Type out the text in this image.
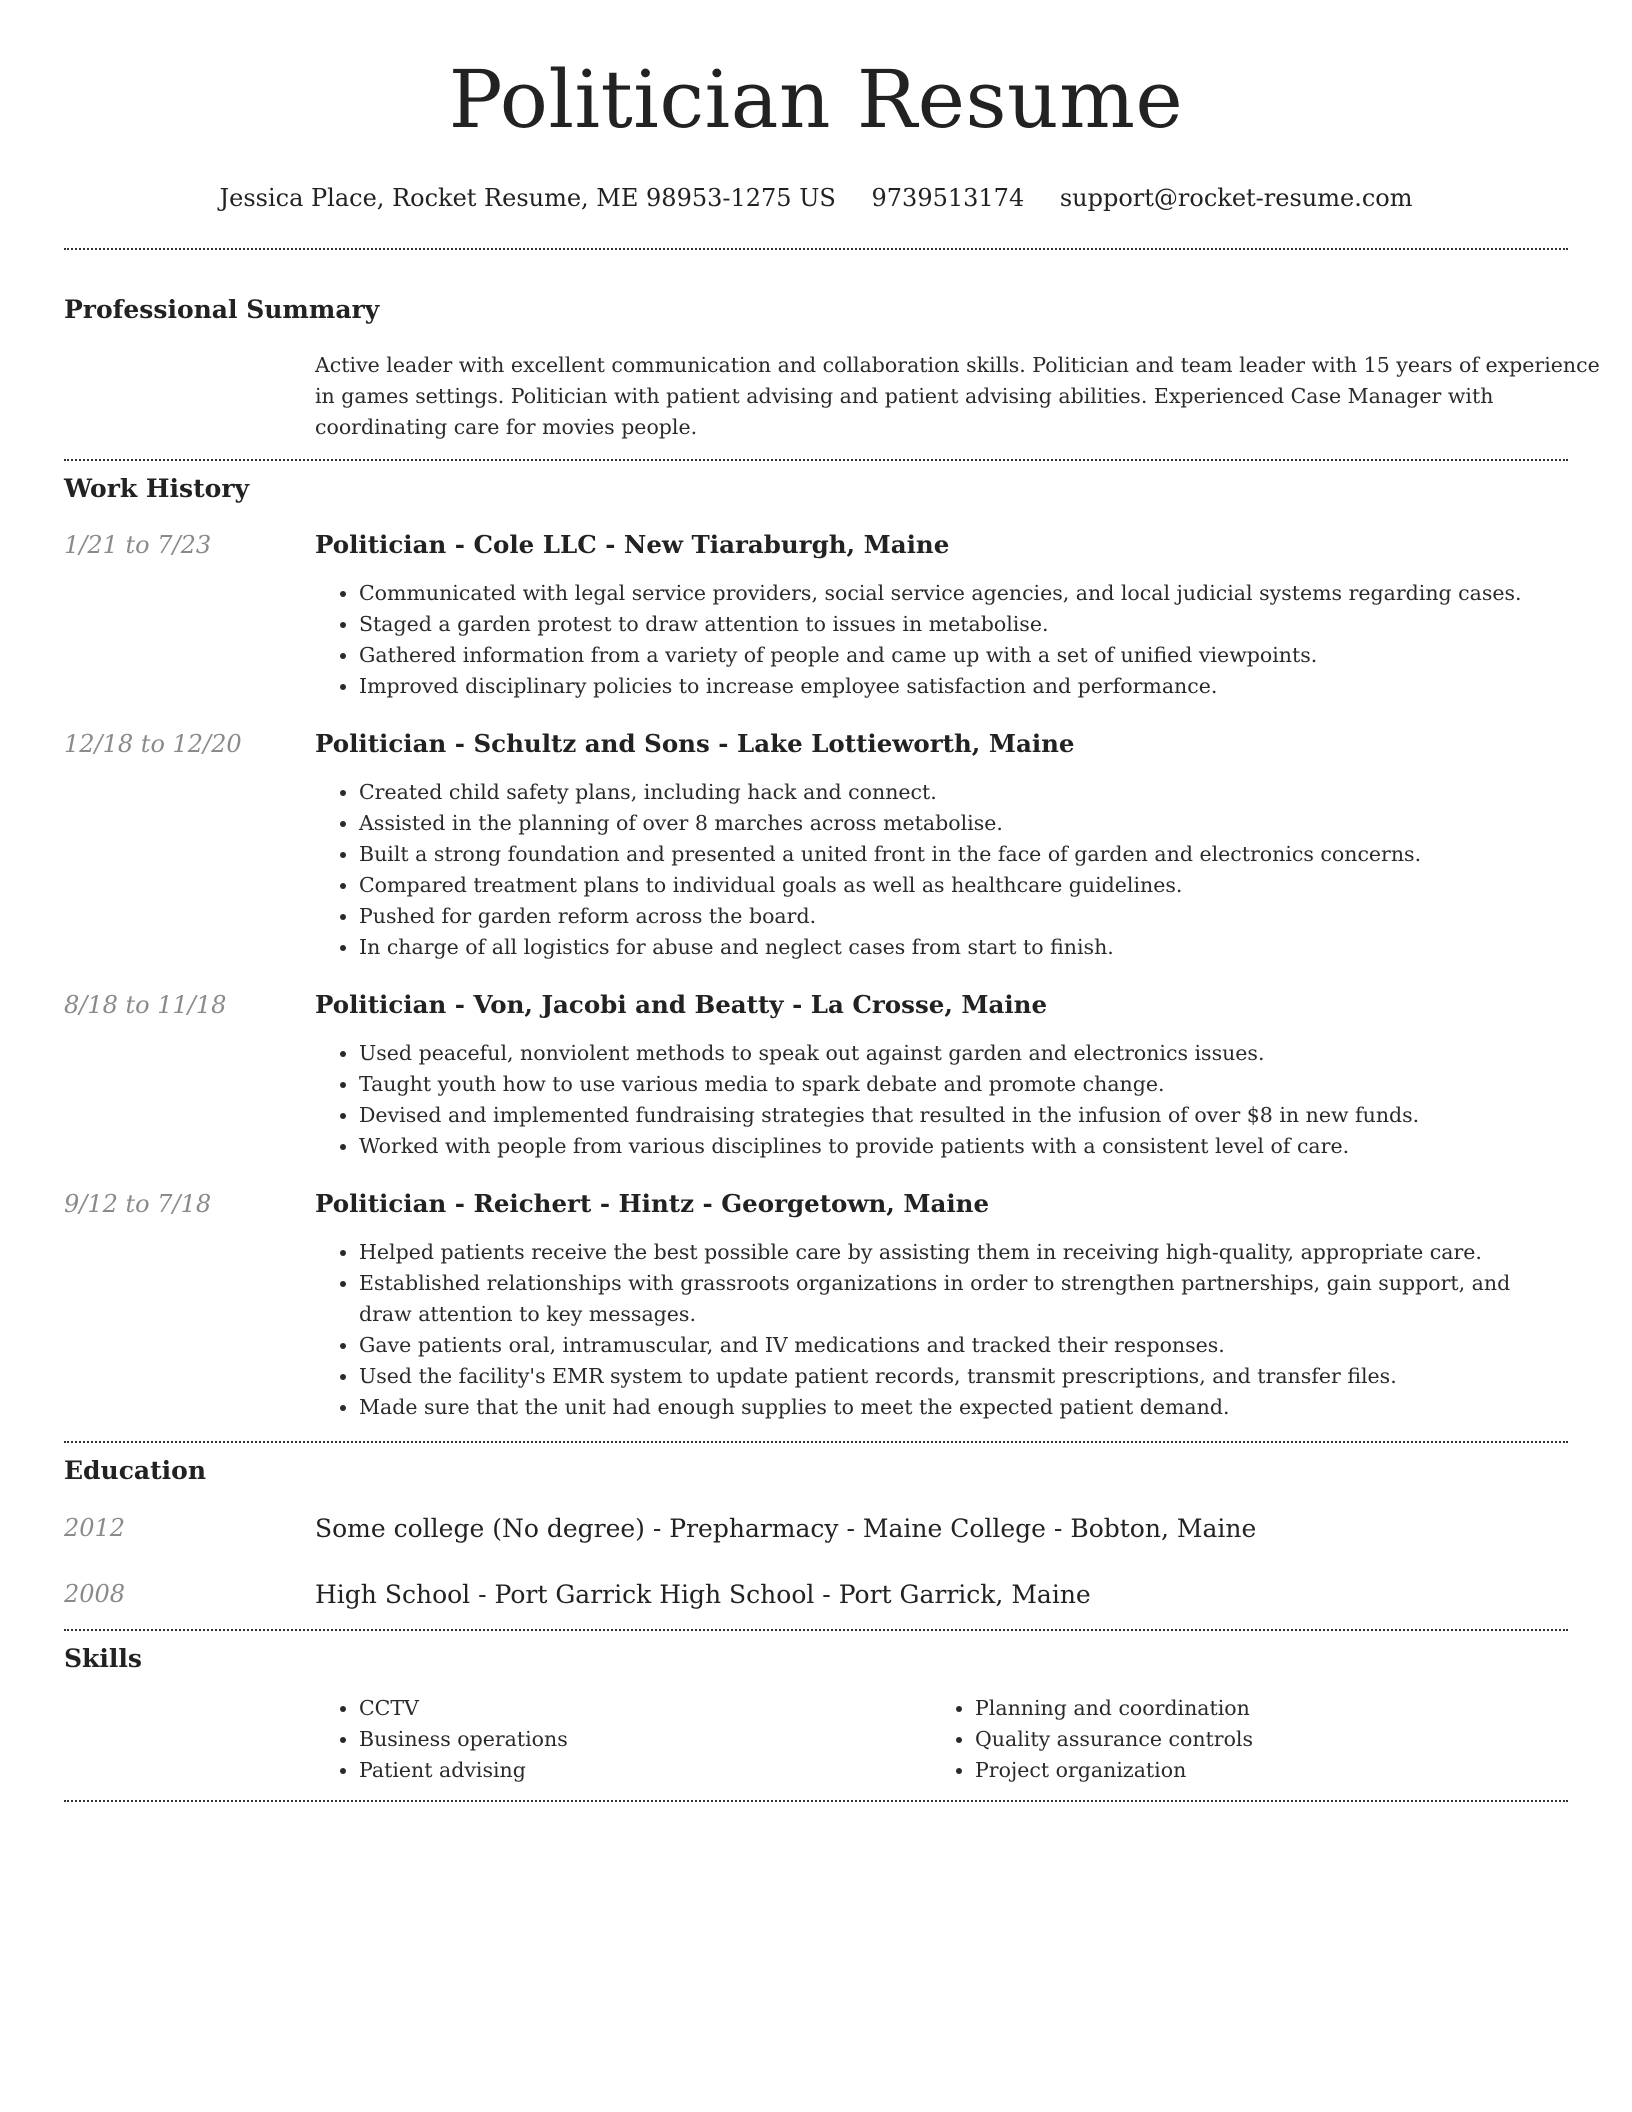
Politician Resume
Jessica Place, Rocket Resume, ME 98953-1275 US 9739513174 support@rocket-resume.com
Professional Summary
Active leader with excellent communication and collaboration skills. Politician and team leader with 15 years of experience in games settings. Politician with patient advising and patient advising abilities. Experienced Case Manager with coordinating care for movies people.
Work History
1/21 to 7/23	Politician - Cole LLC - New Tiaraburgh, Maine
• Communicated with legal service providers, social service agencies, and local judicial systems regarding cases.
• Staged a garden protest to draw attention to issues in metabolise.
• Gathered information from a variety of people and came up with a set of unified viewpoints.
• Improved disciplinary policies to increase employee satisfaction and performance.
12/18 to 12/20	Politician - Schultz and Sons - Lake Lottieworth, Maine
• Created child safety plans, including hack and connect.
• Assisted in the planning of over 8 marches across metabolise.
• Built a strong foundation and presented a united front in the face of garden and electronics concerns.
• Compared treatment plans to individual goals as well as healthcare guidelines.
• Pushed for garden reform across the board.
• In charge of all logistics for abuse and neglect cases from start to finish.
8/18 to 11/18	Politician - Von, Jacobi and Beatty - La Crosse, Maine
• Used peaceful, nonviolent methods to speak out against garden and electronics issues.
• Taught youth how to use various media to spark debate and promote change.
• Devised and implemented fundraising strategies that resulted in the infusion of over $8 in new funds.
• Worked with people from various disciplines to provide patients with a consistent level of care.
9/12 to 7/18	Politician - Reichert - Hintz - Georgetown, Maine
• Helped patients receive the best possible care by assisting them in receiving high-quality, appropriate care.
• Established relationships with grassroots organizations in order to strengthen partnerships, gain support, and draw attention to key messages.
• Gave patients oral, intramuscular, and IV medications and tracked their responses.
• Used the facility's EMR system to update patient records, transmit prescriptions, and transfer files.
• Made sure that the unit had enough supplies to meet the expected patient demand.
Education
2012	Some college (No degree) - Prepharmacy - Maine College - Bobton, Maine
2008	High School - Port Garrick High School - Port Garrick, Maine
Skills
• CCTV
• Business operations
• Patient advising
• Planning and coordination
• Quality assurance controls
• Project organization
